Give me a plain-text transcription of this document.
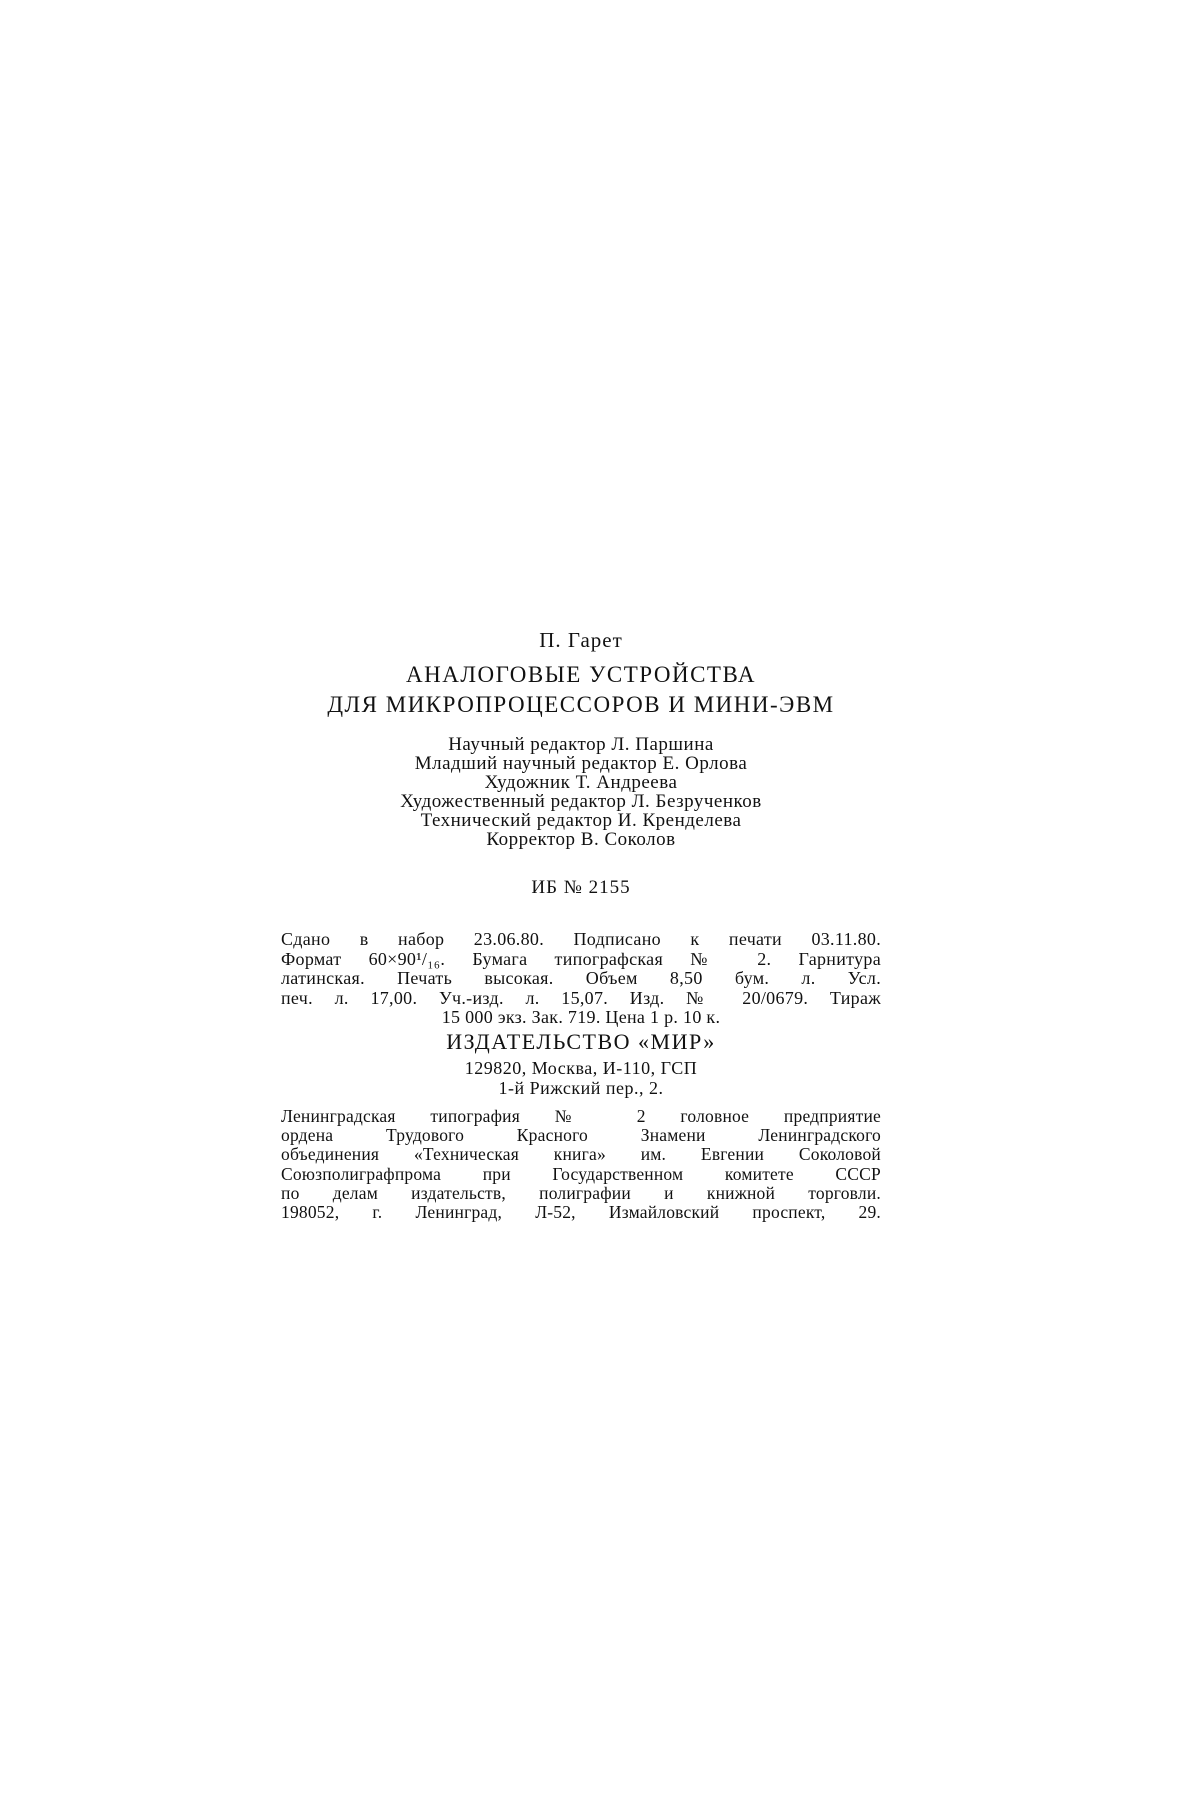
П. Гарет
АНАЛОГОВЫЕ УСТРОЙСТВА
ДЛЯ МИКРОПРОЦЕССОРОВ И МИНИ-ЭВМ
Научный редактор Л. Паршина
Младший научный редактор Е. Орлова
Художник Т. Андреева
Художественный редактор Л. Безрученков
Технический редактор И. Кренделева
Корректор В. Соколов
ИБ № 2155
Сдано в набор 23.06.80. Подписано к печати 03.11.80.
Формат 60×90¹/₁₆. Бумага типографская № 2. Гарнитура
латинская. Печать высокая. Объем 8,50 бум. л. Усл.
печ. л. 17,00. Уч.-изд. л. 15,07. Изд. № 20/0679. Тираж
15 000 экз. Зак. 719. Цена 1 р. 10 к.
ИЗДАТЕЛЬСТВО «МИР»
129820, Москва, И-110, ГСП
1-й Рижский пер., 2.
Ленинградская типография № 2 головное предприятие
ордена Трудового Красного Знамени Ленинградского
объединения «Техническая книга» им. Евгении Соколовой
Союзполиграфпрома при Государственном комитете СССР
по делам издательств, полиграфии и книжной торговли.
198052, г. Ленинград, Л-52, Измайловский проспект, 29.
